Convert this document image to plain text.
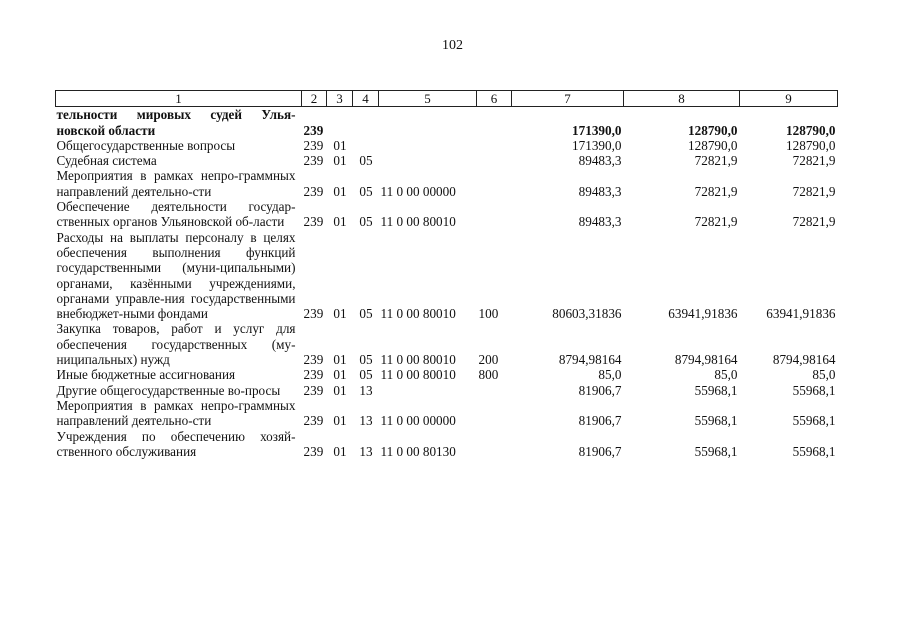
102
1	2	3	4	5	6	7	8	9
тельности мировых судей Улья-новской области	239					171390,0	128790,0	128790,0
Общегосударственные вопросы	239	01				171390,0	128790,0	128790,0
Судебная система	239	01	05			89483,3	72821,9	72821,9
Мероприятия в рамках непро-граммных направлений деятельно-сти	239	01	05	11 0 00 00000		89483,3	72821,9	72821,9
Обеспечение деятельности государ-ственных органов Ульяновской об-ласти	239	01	05	11 0 00 80010		89483,3	72821,9	72821,9
Расходы на выплаты персоналу в целях обеспечения выполнения функций государственными (муни-ципальными) органами, казёнными учреждениями, органами управле-ния государственными внебюджет-ными фондами	239	01	05	11 0 00 80010	100	80603,31836	63941,91836	63941,91836
Закупка товаров, работ и услуг для обеспечения государственных (му-ниципальных) нужд	239	01	05	11 0 00 80010	200	8794,98164	8794,98164	8794,98164
Иные бюджетные ассигнования	239	01	05	11 0 00 80010	800	85,0	85,0	85,0
Другие общегосударственные во-просы	239	01	13			81906,7	55968,1	55968,1
Мероприятия в рамках непро-граммных направлений деятельно-сти	239	01	13	11 0 00 00000		81906,7	55968,1	55968,1
Учреждения по обеспечению хозяй-ственного обслуживания	239	01	13	11 0 00 80130		81906,7	55968,1	55968,1
